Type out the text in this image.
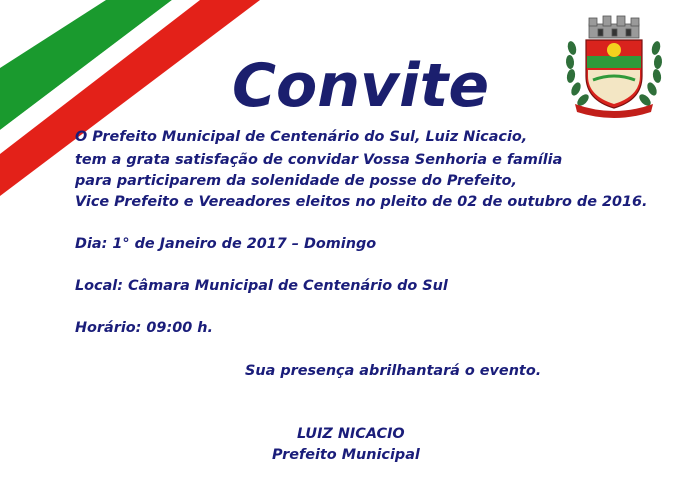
Convite

O Prefeito Municipal de Centenário do Sul, Luiz Nicacio,

tem a grata satisfação de convidar Vossa Senhoria e família

para participarem da solenidade de posse do Prefeito,

Vice Prefeito e Vereadores eleitos no pleito de 02 de outubro de 2016.

Dia: 1° de Janeiro de 2017 – Domingo

Local: Câmara Municipal de Centenário do Sul

Horário: 09:00 h.

Sua presença abrilhantará o evento.

LUIZ NICACIO

Prefeito Municipal
